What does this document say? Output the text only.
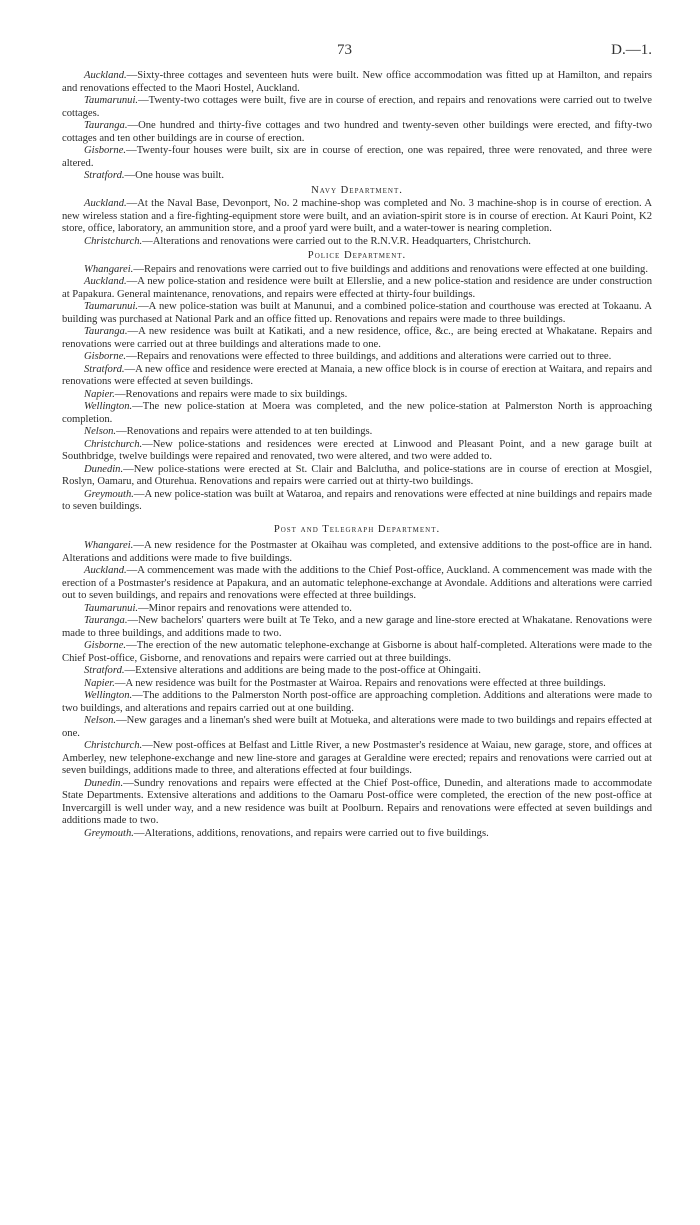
73	D.—1.

Auckland.—Sixty-three cottages and seventeen huts were built. New office accommodation was fitted up at Hamilton, and repairs and renovations effected to the Maori Hostel, Auckland.

Taumarunui.—Twenty-two cottages were built, five are in course of erection, and repairs and renovations were carried out to twelve cottages.

Tauranga.—One hundred and thirty-five cottages and two hundred and twenty-seven other buildings were erected, and fifty-two cottages and ten other buildings are in course of erection.

Gisborne.—Twenty-four houses were built, six are in course of erection, one was repaired, three were renovated, and three were altered.

Stratford.—One house was built.

Navy Department.

Auckland.—At the Naval Base, Devonport, No. 2 machine-shop was completed and No. 3 machine-shop is in course of erection. A new wireless station and a fire-fighting-equipment store were built, and an aviation-spirit store is in course of erection. At Kauri Point, K2 store, office, laboratory, an ammunition store, and a proof yard were built, and a water-tower is nearing completion.

Christchurch.—Alterations and renovations were carried out to the R.N.V.R. Headquarters, Christchurch.

Police Department.

Whangarei.—Repairs and renovations were carried out to five buildings and additions and renovations were effected at one building.

Auckland.—A new police-station and residence were built at Ellerslie, and a new police-station and residence are under construction at Papakura. General maintenance, renovations, and repairs were effected at thirty-four buildings.

Taumarunui.—A new police-station was built at Manunui, and a combined police-station and courthouse was erected at Tokaanu. A building was purchased at National Park and an office fitted up. Renovations and repairs were made to three buildings.

Tauranga.—A new residence was built at Katikati, and a new residence, office, &c., are being erected at Whakatane. Repairs and renovations were carried out at three buildings and alterations made to one.

Gisborne.—Repairs and renovations were effected to three buildings, and additions and alterations were carried out to three.

Stratford.—A new office and residence were erected at Manaia, a new office block is in course of erection at Waitara, and repairs and renovations were effected at seven buildings.

Napier.—Renovations and repairs were made to six buildings.

Wellington.—The new police-station at Moera was completed, and the new police-station at Palmerston North is approaching completion.

Nelson.—Renovations and repairs were attended to at ten buildings.

Christchurch.—New police-stations and residences were erected at Linwood and Pleasant Point, and a new garage built at Southbridge, twelve buildings were repaired and renovated, two were altered, and two were added to.

Dunedin.—New police-stations were erected at St. Clair and Balclutha, and police-stations are in course of erection at Mosgiel, Roslyn, Oamaru, and Oturehua. Renovations and repairs were carried out at thirty-two buildings.

Greymouth.—A new police-station was built at Wataroa, and repairs and renovations were effected at nine buildings and repairs made to seven buildings.

Post and Telegraph Department.

Whangarei.—A new residence for the Postmaster at Okaihau was completed, and extensive additions to the post-office are in hand. Alterations and additions were made to five buildings.

Auckland.—A commencement was made with the additions to the Chief Post-office, Auckland. A commencement was made with the erection of a Postmaster's residence at Papakura, and an automatic telephone-exchange at Avondale. Additions and alterations were carried out to seven buildings, and repairs and renovations were effected at three buildings.

Taumarunui.—Minor repairs and renovations were attended to.

Tauranga.—New bachelors' quarters were built at Te Teko, and a new garage and line-store erected at Whakatane. Renovations were made to three buildings, and additions made to two.

Gisborne.—The erection of the new automatic telephone-exchange at Gisborne is about half-completed. Alterations were made to the Chief Post-office, Gisborne, and renovations and repairs were carried out at three buildings.

Stratford.—Extensive alterations and additions are being made to the post-office at Ohingaiti.

Napier.—A new residence was built for the Postmaster at Wairoa. Repairs and renovations were effected at three buildings.

Wellington.—The additions to the Palmerston North post-office are approaching completion. Additions and alterations were made to two buildings, and alterations and repairs carried out at one building.

Nelson.—New garages and a lineman's shed were built at Motueka, and alterations were made to two buildings and repairs effected at one.

Christchurch.—New post-offices at Belfast and Little River, a new Postmaster's residence at Waiau, new garage, store, and offices at Amberley, new telephone-exchange and new line-store and garages at Geraldine were erected; repairs and renovations were carried out at seven buildings, additions made to three, and alterations effected at four buildings.

Dunedin.—Sundry renovations and repairs were effected at the Chief Post-office, Dunedin, and alterations made to accommodate State Departments. Extensive alterations and additions to the Oamaru Post-office were completed, the erection of the new post-office at Invercargill is well under way, and a new residence was built at Poolburn. Repairs and renovations were effected at seven buildings and additions made to two.

Greymouth.—Alterations, additions, renovations, and repairs were carried out to five buildings.
